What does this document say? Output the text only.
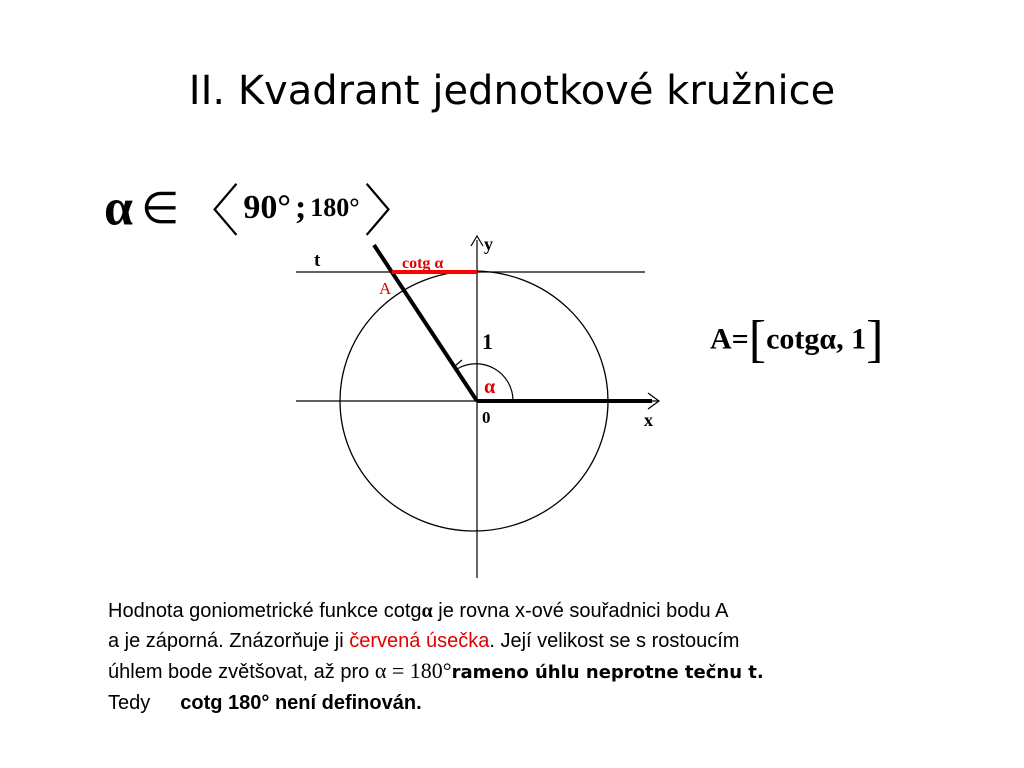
II. Kvadrant jednotkové kružnice
α ∈ 〈 90° ; 180° 〉
t
y
x
cotg α
A
1
α
0
A=[cotgα, 1]
Hodnota goniometrické funkce cotgα je rovna x-ové souřadnici bodu A
a je záporná. Znázorňuje ji červená úsečka. Její velikost se s rostoucím
úhlem bode zvětšovat, až pro α = 180°rameno úhlu neprotne tečnu t.
Tedy cotg 180° není definován.
